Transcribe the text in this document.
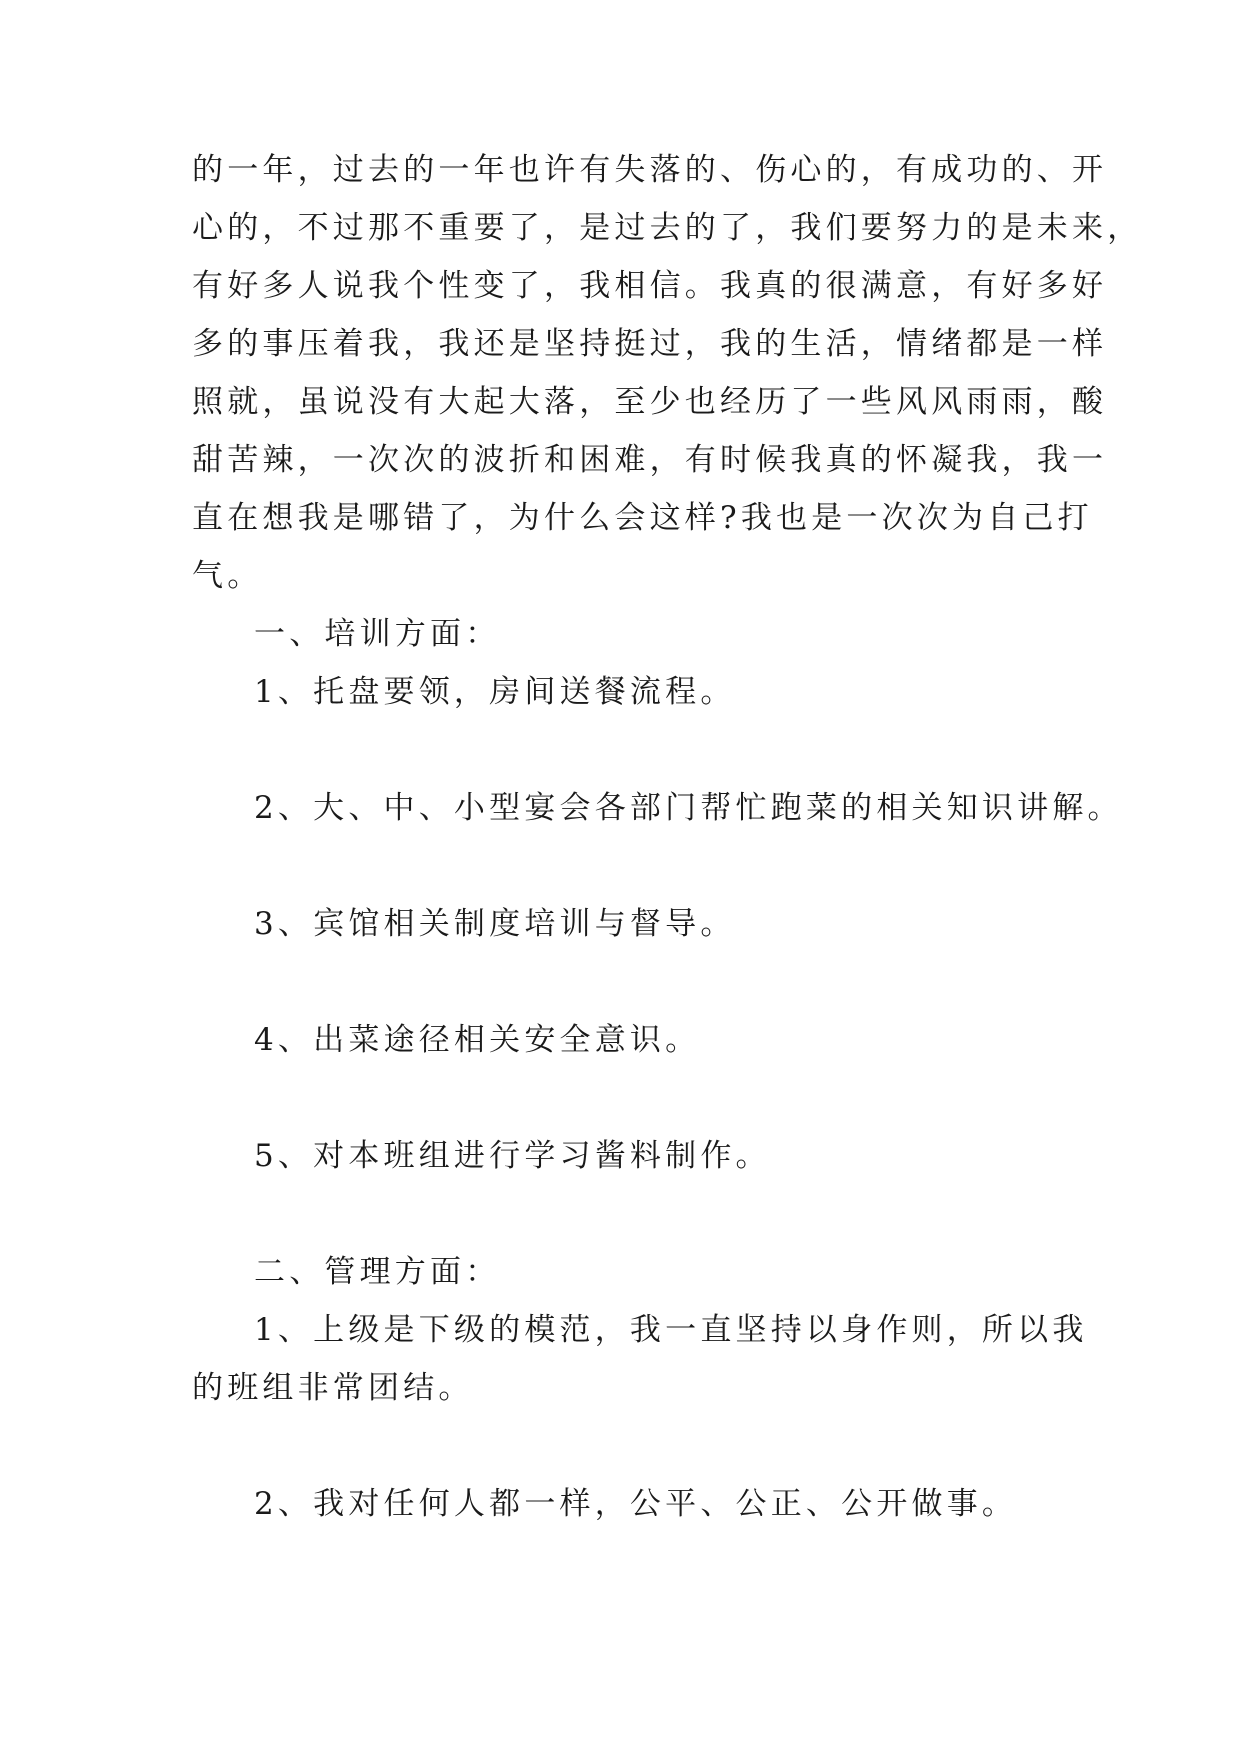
的一年，过去的一年也许有失落的、伤心的，有成功的、开
心的，不过那不重要了，是过去的了，我们要努力的是未来，
有好多人说我个性变了，我相信。我真的很满意，有好多好
多的事压着我，我还是坚持挺过，我的生活，情绪都是一样
照就，虽说没有大起大落，至少也经历了一些风风雨雨，酸
甜苦辣，一次次的波折和困难，有时候我真的怀凝我，我一
直在想我是哪错了，为什么会这样?我也是一次次为自己打
气。
一、培训方面：
1、托盘要领，房间送餐流程。
2、大、中、小型宴会各部门帮忙跑菜的相关知识讲解。
3、宾馆相关制度培训与督导。
4、出菜途径相关安全意识。
5、对本班组进行学习酱料制作。
二、管理方面：
1、上级是下级的模范，我一直坚持以身作则，所以我
的班组非常团结。
2、我对任何人都一样，公平、公正、公开做事。
